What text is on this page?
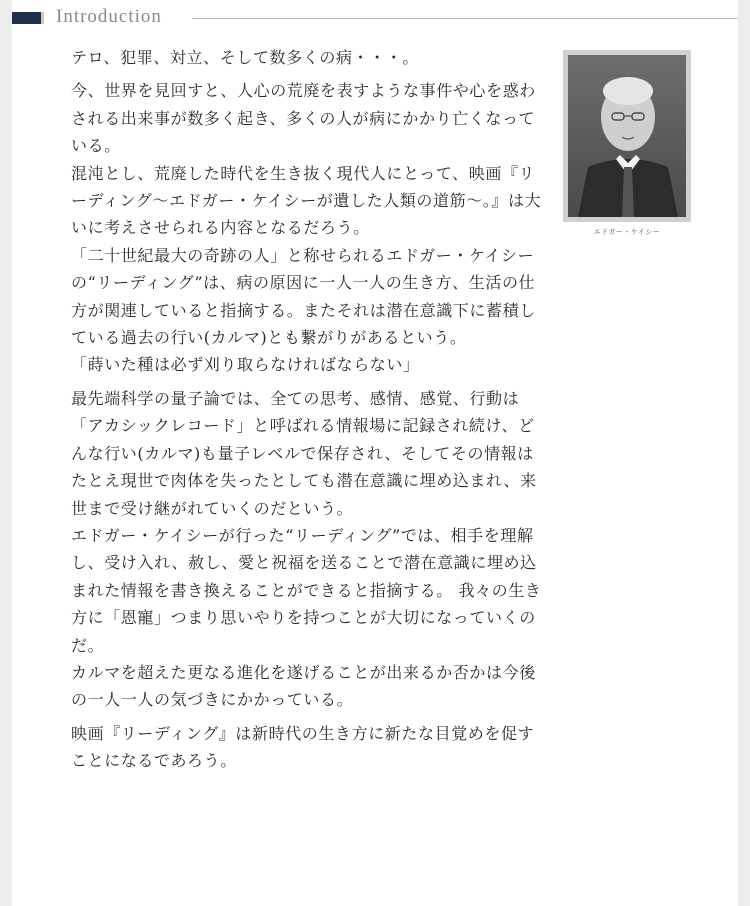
Introduction

テロ、犯罪、対立、そして数多くの病・・・。

今、世界を見回すと、人心の荒廃を表すような事件や心を惑わされる出来事が数多く起き、多くの人が病にかかり亡くなっている。

混沌とし、荒廃した時代を生き抜く現代人にとって、映画『リーディング〜エドガー・ケイシーが遺した人類の道筋〜。』は大いに考えさせられる内容となるだろう。

「二十世紀最大の奇跡の人」と称せられるエドガー・ケイシーの“リーディング”は、病の原因に一人一人の生き方、生活の仕方が関連していると指摘する。またそれは潜在意識下に蓄積している過去の行い(カルマ)とも繋がりがあるという。

「蒔いた種は必ず刈り取らなければならない」

最先端科学の量子論では、全ての思考、感情、感覚、行動は「アカシックレコード」と呼ばれる情報場に記録され続け、どんな行い(カルマ)も量子レベルで保存され、そしてその情報はたとえ現世で肉体を失ったとしても潜在意識に埋め込まれ、来世まで受け継がれていくのだという。

エドガー・ケイシーが行った“リーディング”では、相手を理解し、受け入れ、赦し、愛と祝福を送ることで潜在意識に埋め込まれた情報を書き換えることができると指摘する。 我々の生き方に「恩寵」つまり思いやりを持つことが大切になっていくのだ。

カルマを超えた更なる進化を遂げることが出来るか否かは今後の一人一人の気づきにかかっている。

映画『リーディング』は新時代の生き方に新たな目覚めを促すことになるであろう。

エドガー・ケイシー
